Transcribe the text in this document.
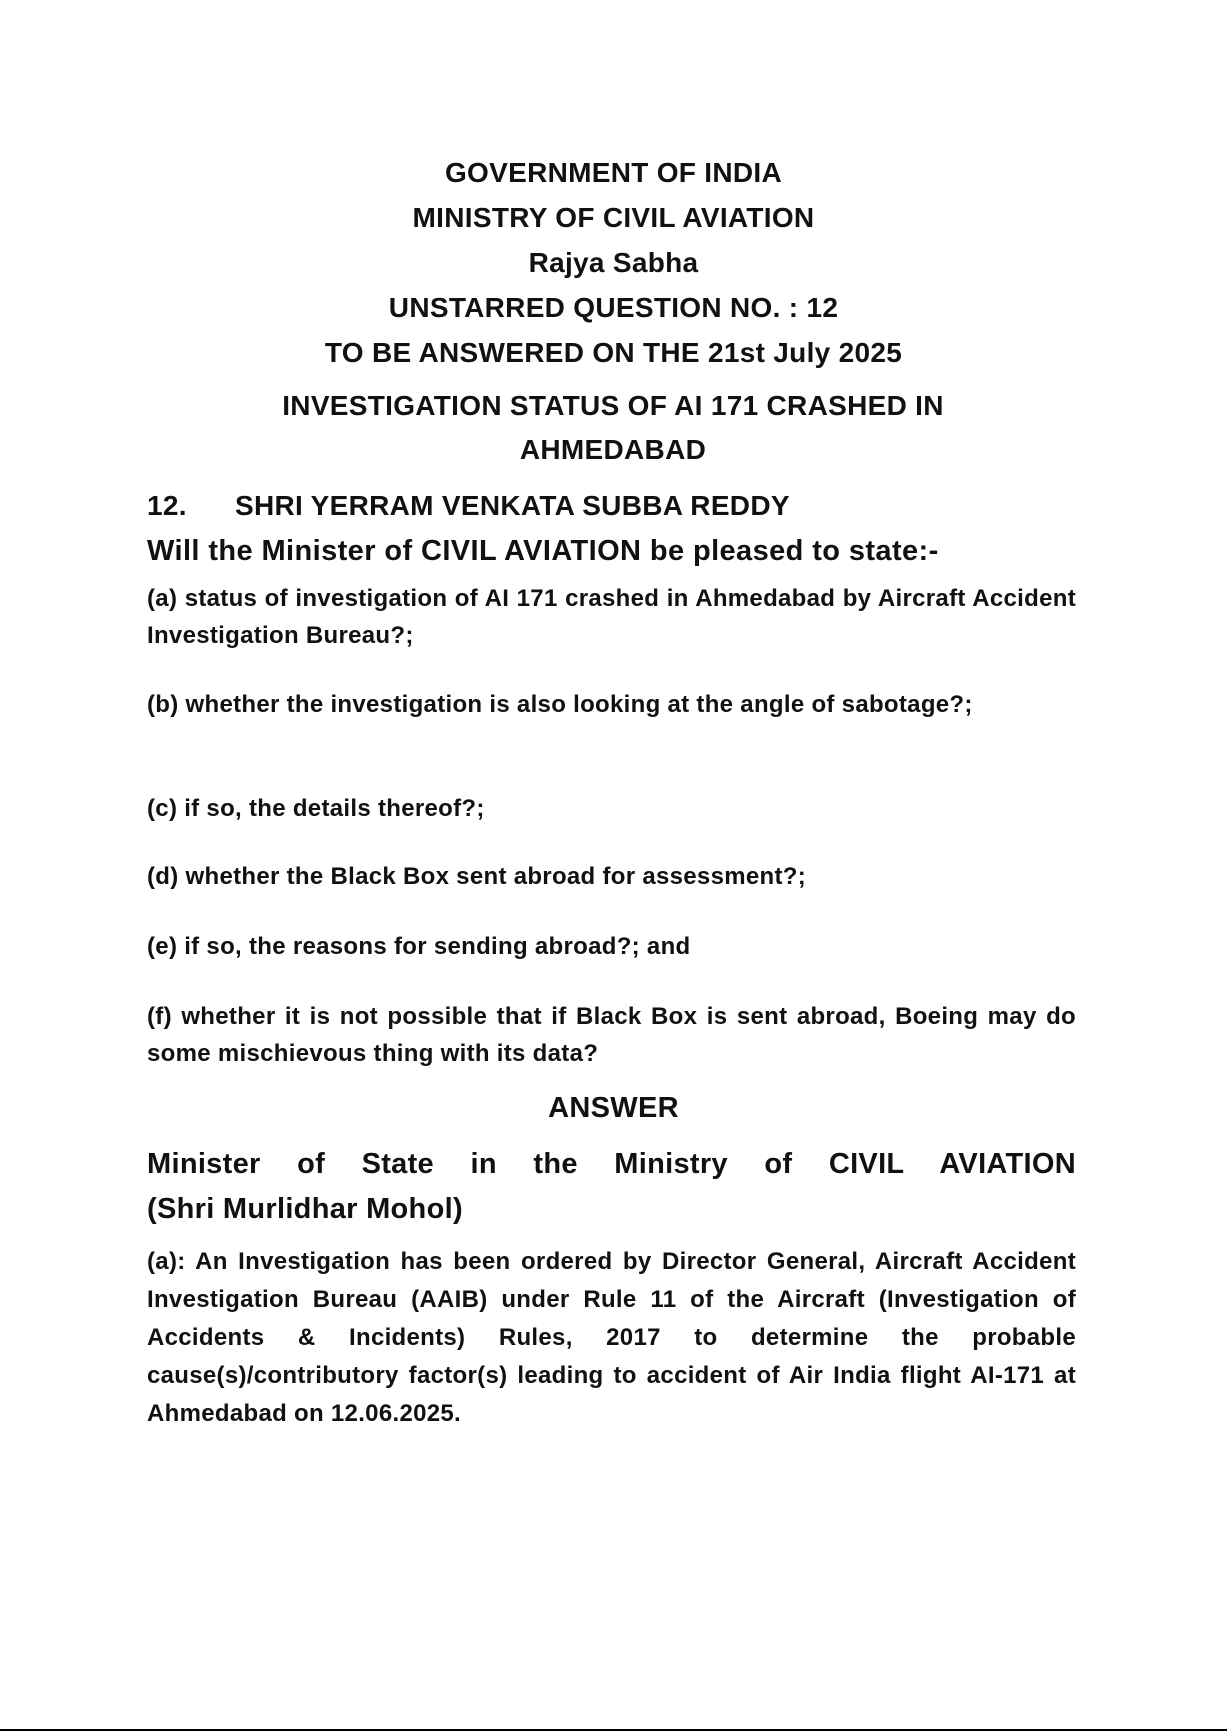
GOVERNMENT OF INDIA
MINISTRY OF CIVIL AVIATION
Rajya Sabha
UNSTARRED QUESTION NO. : 12
TO BE ANSWERED ON THE 21st July 2025
INVESTIGATION STATUS OF AI 171 CRASHED IN AHMEDABAD
12. SHRI YERRAM VENKATA SUBBA REDDY
Will the Minister of CIVIL AVIATION be pleased to state:-
(a) status of investigation of AI 171 crashed in Ahmedabad by Aircraft Accident Investigation Bureau?;
(b) whether the investigation is also looking at the angle of sabotage?;
(c) if so, the details thereof?;
(d) whether the Black Box sent abroad for assessment?;
(e) if so, the reasons for sending abroad?; and
(f) whether it is not possible that if Black Box is sent abroad, Boeing may do some mischievous thing with its data?
ANSWER
Minister of State in the Ministry of CIVIL AVIATION
(Shri Murlidhar Mohol)
(a): An Investigation has been ordered by Director General, Aircraft Accident Investigation Bureau (AAIB) under Rule 11 of the Aircraft (Investigation of Accidents & Incidents) Rules, 2017 to determine the probable cause(s)/contributory factor(s) leading to accident of Air India flight AI-171 at Ahmedabad on 12.06.2025.
